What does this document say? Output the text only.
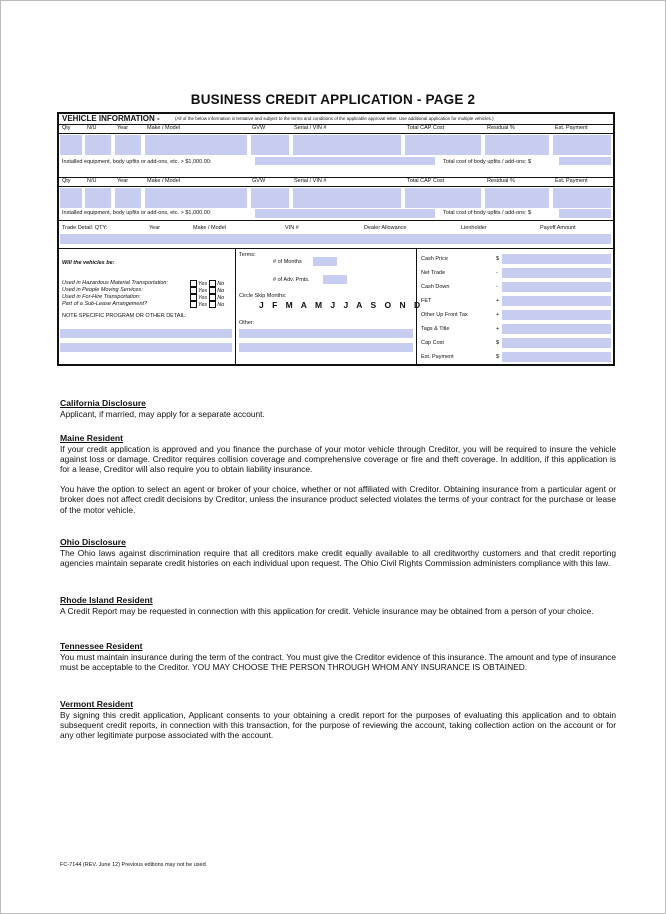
BUSINESS CREDIT APPLICATION - PAGE 2
VEHICLE INFORMATION -	(All of the below information is tentative and subject to the terms and conditions of the applicable approval letter. Use additional application for multiple vehicles.)
Qty	N/U	Year	Make / Model	GVW	Serial / VIN #	Total CAP Cost	Residual %	Est. Payment
Installed equipment, body upfits or add-ons, etc. > $1,000.00:	Total cost of body upfits / add-ons: $
Qty	N/U	Year	Make / Model	GVW	Serial / VIN #	Total CAP Cost	Residual %	Est. Payment
Installed equipment, body upfits or add-ons, etc. > $1,000.00:	Total cost of body upfits / add-ons: $
Trade Detail: QTY:	Year	Make / Model	VIN #	Dealer Allowance	Lienholder	Payoff Amount
Will the vehicles be:
Used in Hazardous Material Transportation:	Yes No
Used in People Moving Services:	Yes No
Used in For-Hire Transportation:	Yes No
Part of a Sub-Lease Arrangement?	Yes No
NOTE SPECIFIC PROGRAM OR OTHER DETAIL:
Terms:
# of Months
# of Adv. Pmts.
Circle Skip Months:
J F M A M J J A S O N D
Other:
Cash Price	$
Net Trade	-
Cash Down	-
FET	+
Other Up Front Tax	+
Tags & Title	+
Cap Cost	$
Est. Payment	$
California Disclosure

Applicant, if married, may apply for a separate account.

Maine Resident

If your credit application is approved and you finance the purchase of your motor vehicle through Creditor, you will be required to insure the vehicle against loss or damage. Creditor requires collision coverage and comprehensive coverage or fire and theft coverage. In addition, if this application is for a lease, Creditor will also require you to obtain liability insurance.

You have the option to select an agent or broker of your choice, whether or not affiliated with Creditor. Obtaining insurance from a particular agent or broker does not affect credit decisions by Creditor, unless the insurance product selected violates the terms of your contract for the purchase or lease of the motor vehicle.

Ohio Disclosure

The Ohio laws against discrimination require that all creditors make credit equally available to all creditworthy customers and that credit reporting agencies maintain separate credit histories on each individual upon request. The Ohio Civil Rights Commission administers compliance with this law.

Rhode Island Resident

A Credit Report may be requested in connection with this application for credit. Vehicle insurance may be obtained from a person of your choice.

Tennessee Resident

You must maintain insurance during the term of the contract. You must give the Creditor evidence of this insurance. The amount and type of insurance must be acceptable to the Creditor. YOU MAY CHOOSE THE PERSON THROUGH WHOM ANY INSURANCE IS OBTAINED.

Vermont Resident

By signing this credit application, Applicant consents to your obtaining a credit report for the purposes of evaluating this application and to obtain subsequent credit reports, in connection with this transaction, for the purpose of reviewing the account, taking collection action on the account or for any other legitimate purpose associated with the account.

FC-7144 (REV. June 12) Previous editions may not be used.
